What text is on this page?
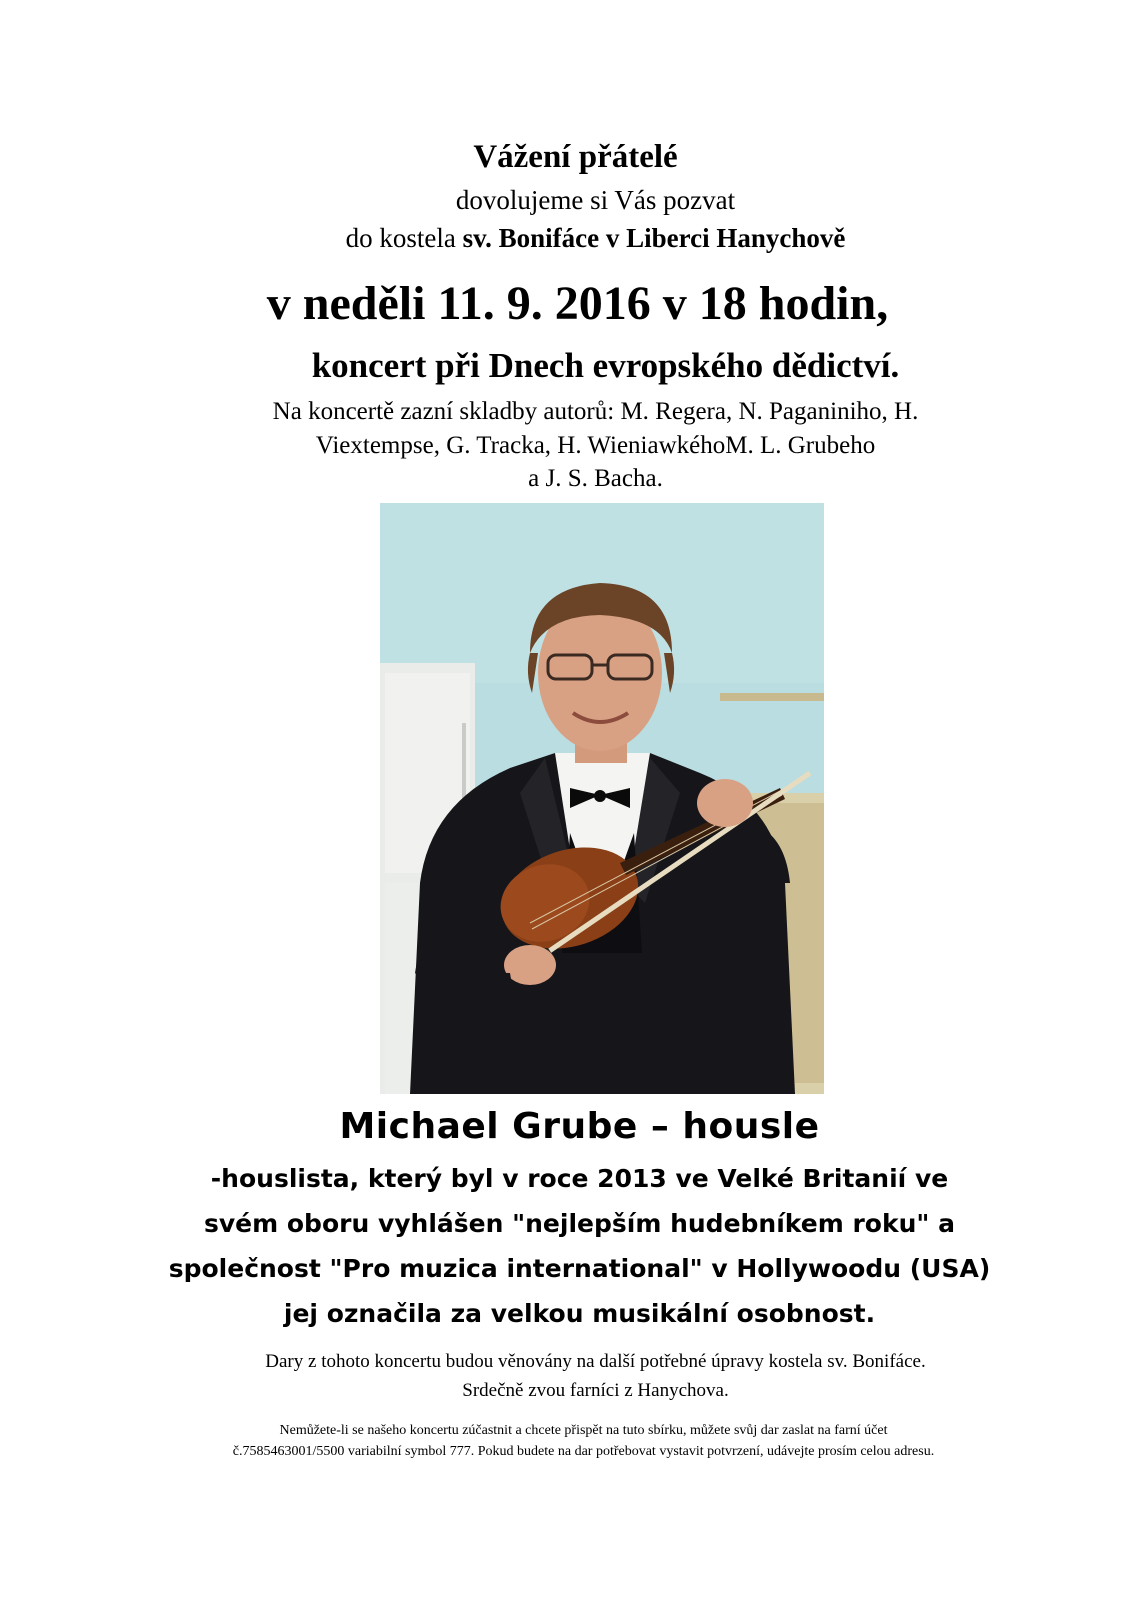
Vážení přátelé
dovolujeme si Vás pozvat
do kostela sv. Bonifáce v Liberci Hanychově
v neděli 11. 9. 2016 v 18 hodin,
koncert při Dnech evropského dědictví.
Na koncertě zazní skladby autorů: M. Regera, N. Paganiniho, H.
Viextempse, G. Tracka, H. WieniawkéhoM. L. Grubeho
a J. S. Bacha.
Michael Grube – housle
-houslista, který byl v roce 2013 ve Velké Britanií ve
svém oboru vyhlášen "nejlepším hudebníkem roku" a
společnost "Pro muzica international" v Hollywoodu (USA)
jej označila za velkou musikální osobnost.
Dary z tohoto koncertu budou věnovány na další potřebné úpravy kostela sv. Bonifáce.
Srdečně zvou farníci z Hanychova.
Nemůžete-li se našeho koncertu zúčastnit a chcete přispět na tuto sbírku, můžete svůj dar zaslat na farní účet
č.7585463001/5500 variabilní symbol 777. Pokud budete na dar potřebovat vystavit potvrzení, udávejte prosím celou adresu.
